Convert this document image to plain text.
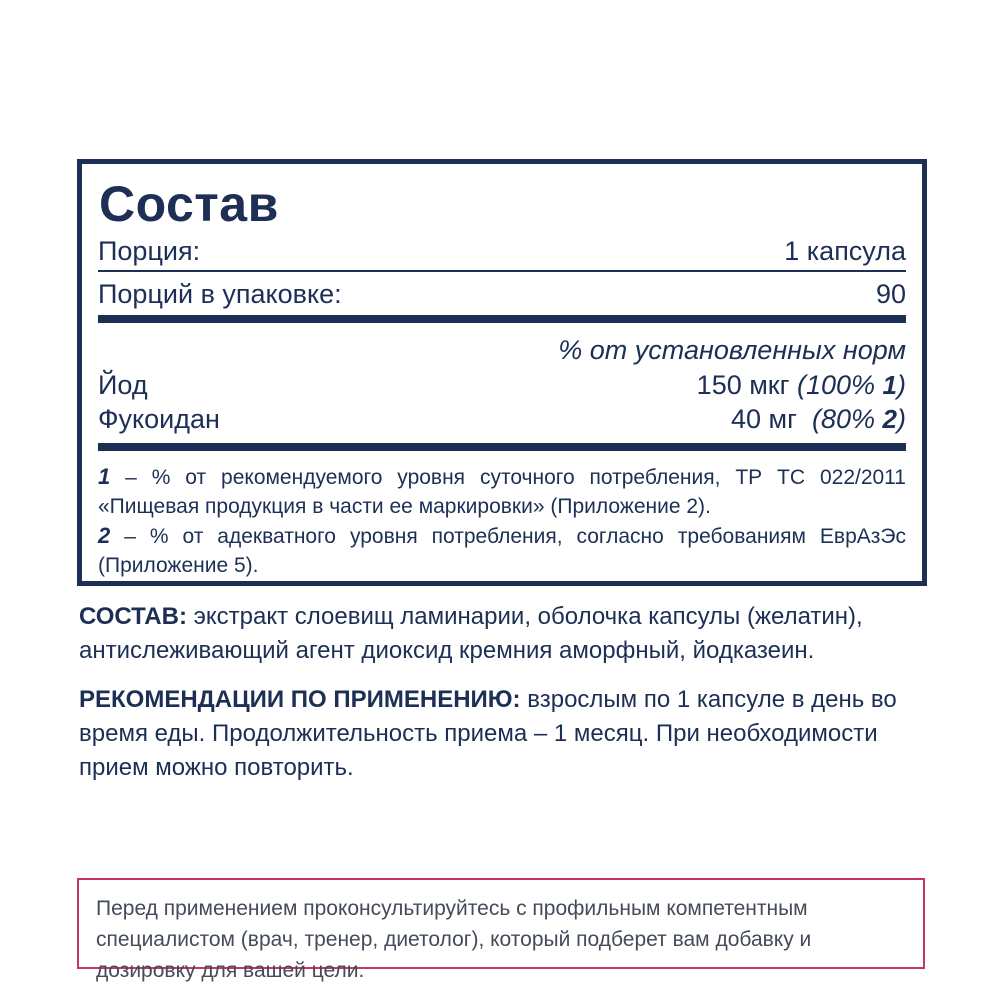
Состав
Порция:	1 капсула
Порций в упаковке:	90
% от установленных норм
Йод	150 мкг (100% 1)
Фукоидан	40 мг (80% 2)

1 – % от рекомендуемого уровня суточного потребления, ТР ТС 022/2011 «Пищевая продукция в части ее маркировки» (Приложение 2).

2 – % от адекватного уровня потребления, согласно требованиям ЕврАзЭс (Приложение 5).

СОСТАВ: экстракт слоевищ ламинарии, оболочка капсулы (желатин), антислеживающий агент диоксид кремния аморфный, йодказеин.

РЕКОМЕНДАЦИИ ПО ПРИМЕНЕНИЮ: взрослым по 1 капсуле в день во время еды. Продолжительность приема – 1 месяц. При необходимости прием можно повторить.

Перед применением проконсультируйтесь с профильным компетентным специалистом (врач, тренер, диетолог), который подберет вам добавку и дозировку для вашей цели.
